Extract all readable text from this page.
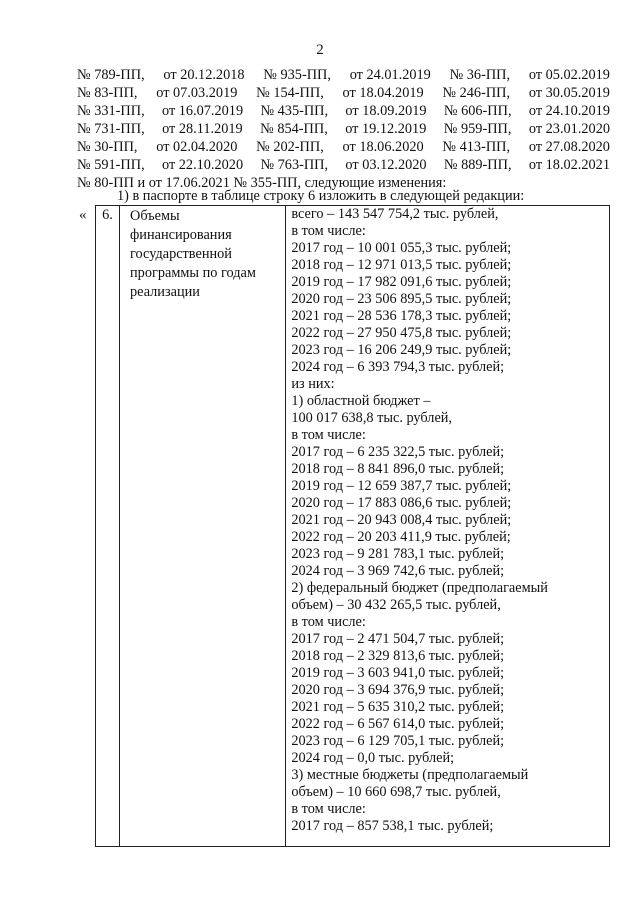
2
№ 789-ПП, от 20.12.2018 № 935-ПП, от 24.01.2019 № 36-ПП, от 05.02.2019
№ 83-ПП, от 07.03.2019 № 154-ПП, от 18.04.2019 № 246-ПП, от 30.05.2019
№ 331-ПП, от 16.07.2019 № 435-ПП, от 18.09.2019 № 606-ПП, от 24.10.2019
№ 731-ПП, от 28.11.2019 № 854-ПП, от 19.12.2019 № 959-ПП, от 23.01.2020
№ 30-ПП, от 02.04.2020 № 202-ПП, от 18.06.2020 № 413-ПП, от 27.08.2020
№ 591-ПП, от 22.10.2020 № 763-ПП, от 03.12.2020 № 889-ПП, от 18.02.2021
№ 80-ПП и от 17.06.2021 № 355-ПП, следующие изменения:
1) в паспорте в таблице строку 6 изложить в следующей редакции:
«	6.	Объемы
финансирования
государственной
программы по годам
реализации

всего – 143 547 754,2 тыс. рублей,
в том числе:
2017 год – 10 001 055,3 тыс. рублей;
2018 год – 12 971 013,5 тыс. рублей;
2019 год – 17 982 091,6 тыс. рублей;
2020 год – 23 506 895,5 тыс. рублей;
2021 год – 28 536 178,3 тыс. рублей;
2022 год – 27 950 475,8 тыс. рублей;
2023 год – 16 206 249,9 тыс. рублей;
2024 год – 6 393 794,3 тыс. рублей;
из них:
1) областной бюджет –
100 017 638,8 тыс. рублей,
в том числе:
2017 год – 6 235 322,5 тыс. рублей;
2018 год – 8 841 896,0 тыс. рублей;
2019 год – 12 659 387,7 тыс. рублей;
2020 год – 17 883 086,6 тыс. рублей;
2021 год – 20 943 008,4 тыс. рублей;
2022 год – 20 203 411,9 тыс. рублей;
2023 год – 9 281 783,1 тыс. рублей;
2024 год – 3 969 742,6 тыс. рублей;
2) федеральный бюджет (предполагаемый
объем) – 30 432 265,5 тыс. рублей,
в том числе:
2017 год – 2 471 504,7 тыс. рублей;
2018 год – 2 329 813,6 тыс. рублей;
2019 год – 3 603 941,0 тыс. рублей;
2020 год – 3 694 376,9 тыс. рублей;
2021 год – 5 635 310,2 тыс. рублей;
2022 год – 6 567 614,0 тыс. рублей;
2023 год – 6 129 705,1 тыс. рублей;
2024 год – 0,0 тыс. рублей;
3) местные бюджеты (предполагаемый
объем) – 10 660 698,7 тыс. рублей,
в том числе:
2017 год – 857 538,1 тыс. рублей;
